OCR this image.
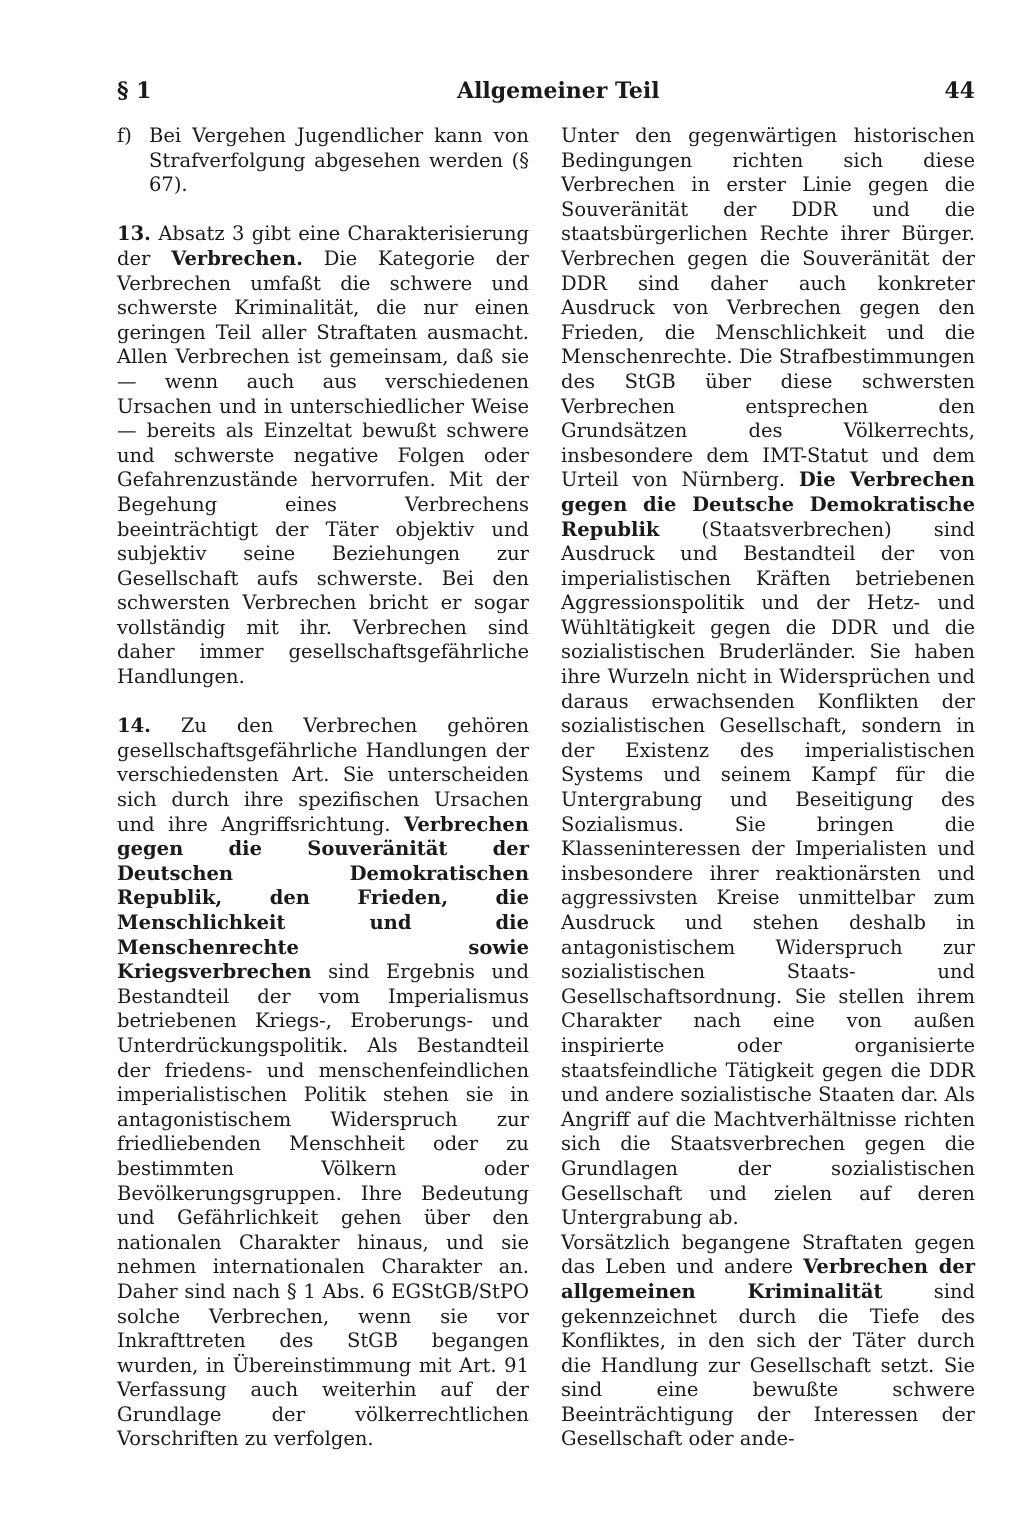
§ 1	Allgemeiner Teil	44
f) Bei Vergehen Jugendlicher kann von Strafverfolgung abgesehen werden (§ 67).

13. Absatz 3 gibt eine Charakterisierung der Verbrechen. Die Kategorie der Verbrechen umfaßt die schwere und schwerste Kriminalität, die nur einen geringen Teil aller Straftaten ausmacht. Allen Verbrechen ist gemeinsam, daß sie — wenn auch aus verschiedenen Ursachen und in unterschiedlicher Weise — bereits als Einzeltat bewußt schwere und schwerste negative Folgen oder Gefahrenzustände hervorrufen. Mit der Begehung eines Verbrechens beeinträchtigt der Täter objektiv und subjektiv seine Beziehungen zur Gesellschaft aufs schwerste. Bei den schwersten Verbrechen bricht er sogar vollständig mit ihr. Verbrechen sind daher immer gesellschaftsgefährliche Handlungen.

14. Zu den Verbrechen gehören gesellschaftsgefährliche Handlungen der verschiedensten Art. Sie unterscheiden sich durch ihre spezifischen Ursachen und ihre Angriffsrichtung. Verbrechen gegen die Souveränität der Deutschen Demokratischen Republik, den Frieden, die Menschlichkeit und die Menschenrechte sowie Kriegsverbrechen sind Ergebnis und Bestandteil der vom Imperialismus betriebenen Kriegs-, Eroberungs- und Unterdrückungspolitik. Als Bestandteil der friedens- und menschenfeindlichen imperialistischen Politik stehen sie in antagonistischem Widerspruch zur friedliebenden Menschheit oder zu bestimmten Völkern oder Bevölkerungsgruppen. Ihre Bedeutung und Gefährlichkeit gehen über den nationalen Charakter hinaus, und sie nehmen internationalen Charakter an. Daher sind nach § 1 Abs. 6 EGStGB/StPO solche Verbrechen, wenn sie vor Inkrafttreten des StGB begangen wurden, in Übereinstimmung mit Art. 91 Verfassung auch weiterhin auf der Grundlage der völkerrechtlichen Vorschriften zu verfolgen.

Unter den gegenwärtigen historischen Bedingungen richten sich diese Verbrechen in erster Linie gegen die Souveränität der DDR und die staatsbürgerlichen Rechte ihrer Bürger. Verbrechen gegen die Souveränität der DDR sind daher auch konkreter Ausdruck von Verbrechen gegen den Frieden, die Menschlichkeit und die Menschenrechte. Die Strafbestimmungen des StGB über diese schwersten Verbrechen entsprechen den Grundsätzen des Völkerrechts, insbesondere dem IMT-Statut und dem Urteil von Nürnberg. Die Verbrechen gegen die Deutsche Demokratische Republik (Staatsverbrechen) sind Ausdruck und Bestandteil der von imperialistischen Kräften betriebenen Aggressionspolitik und der Hetz- und Wühltätigkeit gegen die DDR und die sozialistischen Bruderländer. Sie haben ihre Wurzeln nicht in Widersprüchen und daraus erwachsenden Konflikten der sozialistischen Gesellschaft, sondern in der Existenz des imperialistischen Systems und seinem Kampf für die Untergrabung und Beseitigung des Sozialismus. Sie bringen die Klasseninteressen der Imperialisten und insbesondere ihrer reaktionärsten und aggressivsten Kreise unmittelbar zum Ausdruck und stehen deshalb in antagonistischem Widerspruch zur sozialistischen Staats- und Gesellschaftsordnung. Sie stellen ihrem Charakter nach eine von außen inspirierte oder organisierte staatsfeindliche Tätigkeit gegen die DDR und andere sozialistische Staaten dar. Als Angriff auf die Machtverhältnisse richten sich die Staatsverbrechen gegen die Grundlagen der sozialistischen Gesellschaft und zielen auf deren Untergrabung ab.

Vorsätzlich begangene Straftaten gegen das Leben und andere Verbrechen der allgemeinen Kriminalität	sind gekennzeichnet durch die Tiefe des Konfliktes, in den sich der Täter durch die Handlung zur Gesellschaft setzt. Sie sind eine bewußte schwere Beeinträchtigung der Interessen der Gesellschaft oder ande-
